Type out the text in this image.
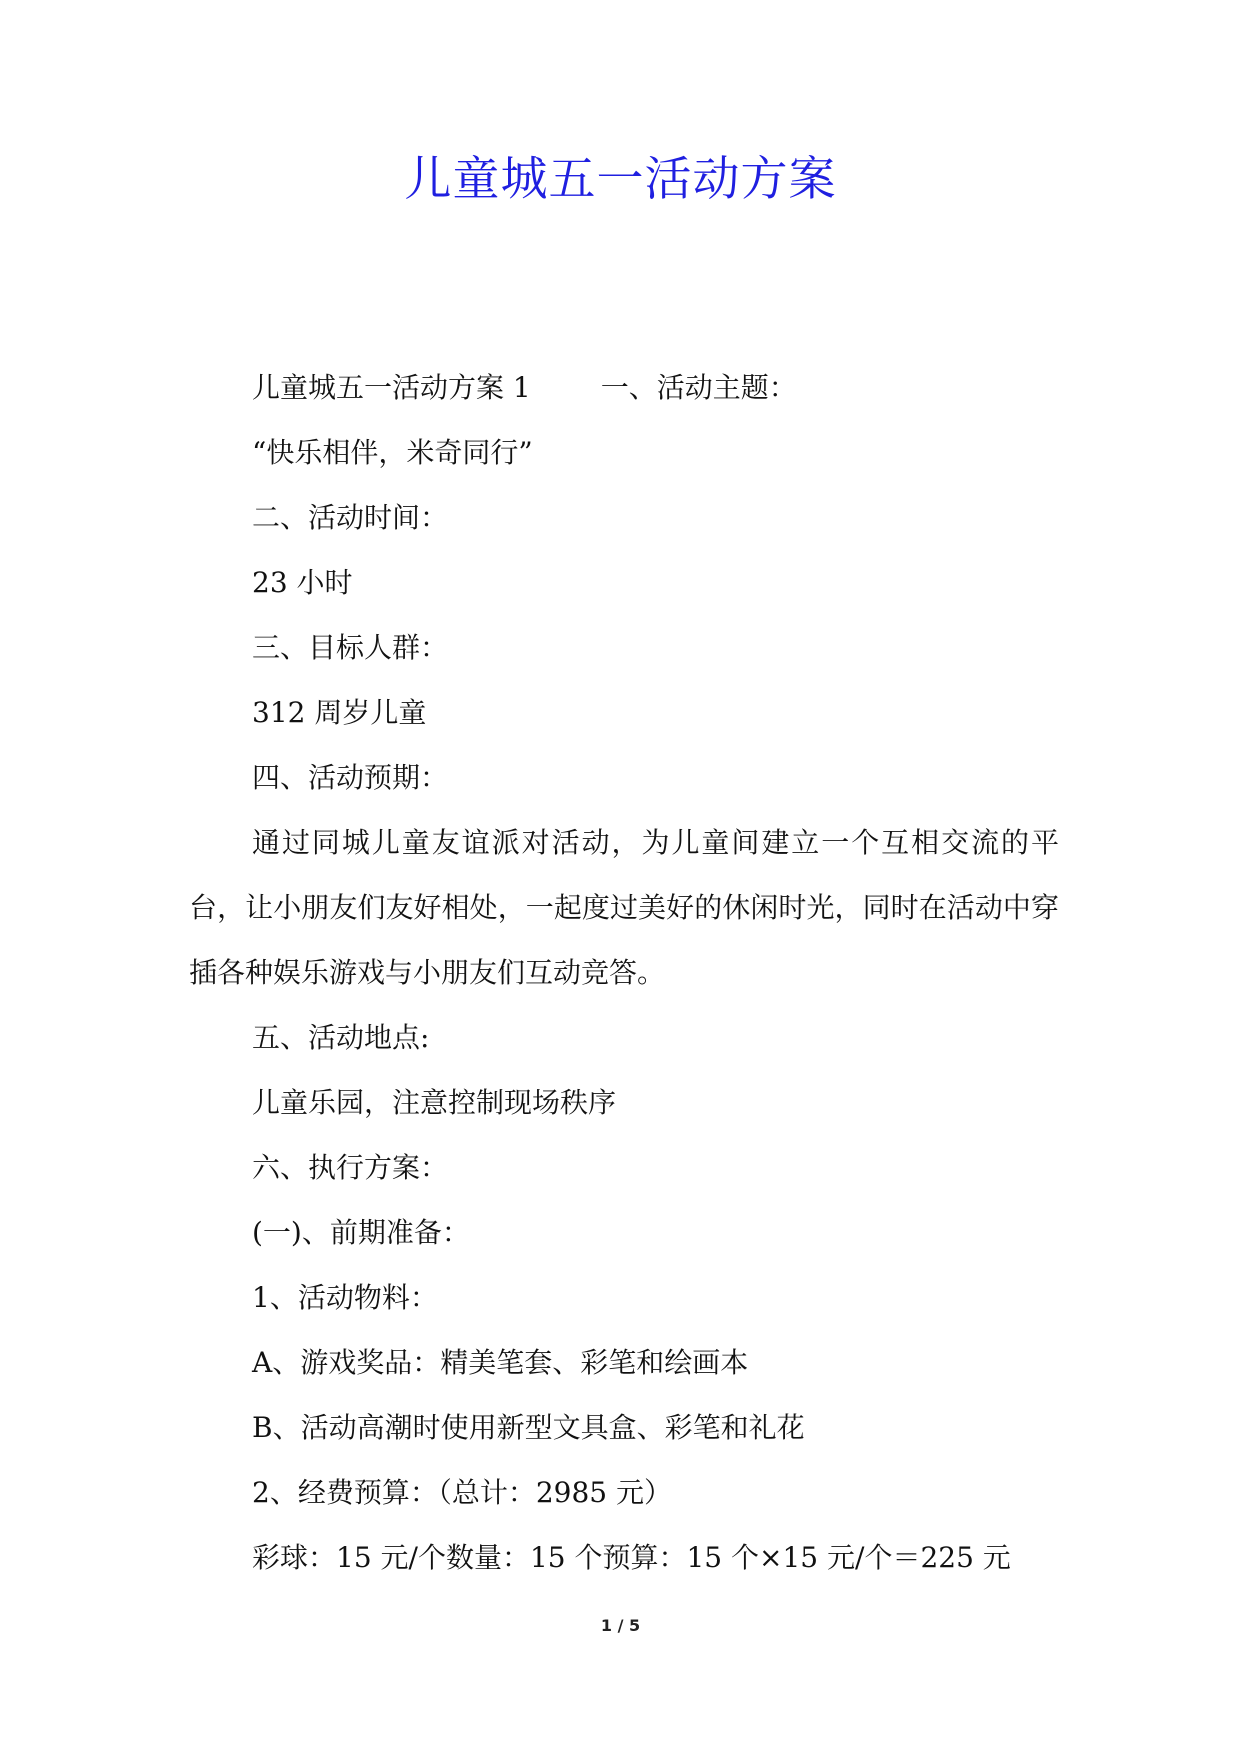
儿童城五一活动方案

儿童城五一活动方案 1	一、活动主题：

“快乐相伴，米奇同行”

二、活动时间：

23 小时

三、目标人群：

312 周岁儿童

四、活动预期：

通过同城儿童友谊派对活动，为儿童间建立一个互相交流的平台，让小朋友们友好相处，一起度过美好的休闲时光，同时在活动中穿插各种娱乐游戏与小朋友们互动竞答。

五、活动地点:

儿童乐园，注意控制现场秩序

六、执行方案：

(一)、前期准备：

1、活动物料：

A、游戏奖品：精美笔套、彩笔和绘画本

B、活动高潮时使用新型文具盒、彩笔和礼花

2、经费预算：（总计：2985 元）

彩球：15 元/个数量：15 个预算：15 个×15 元/个＝225 元

1 / 5
